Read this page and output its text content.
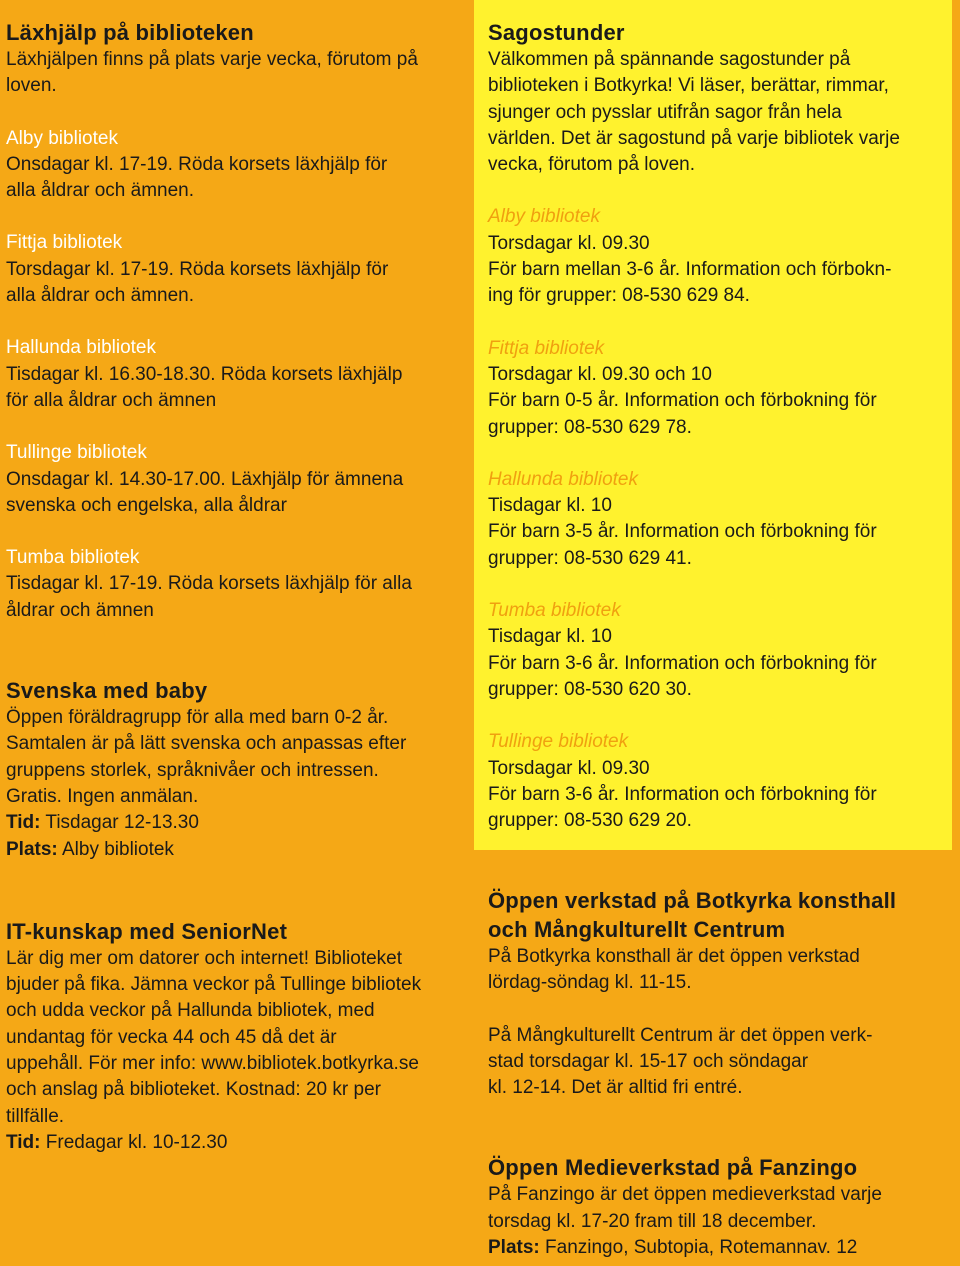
Läxhjälp på biblioteken

Läxhjälpen finns på plats varje vecka, förutom på

loven.

Alby bibliotek

Onsdagar kl. 17-19. Röda korsets läxhjälp för

alla åldrar och ämnen.

Fittja bibliotek

Torsdagar kl. 17-19. Röda korsets läxhjälp för

alla åldrar och ämnen.

Hallunda bibliotek

Tisdagar kl. 16.30-18.30. Röda korsets läxhjälp

för alla åldrar och ämnen

Tullinge bibliotek

Onsdagar kl. 14.30-17.00. Läxhjälp för ämnena

svenska och engelska, alla åldrar

Tumba bibliotek

Tisdagar kl. 17-19. Röda korsets läxhjälp för alla

åldrar och ämnen

Svenska med baby

Öppen föräldragrupp för alla med barn 0-2 år.

Samtalen är på lätt svenska och anpassas efter

gruppens storlek, språknivåer och intressen.

Gratis. Ingen anmälan.

Tid: Tisdagar 12-13.30

Plats: Alby bibliotek

IT-kunskap med SeniorNet

Lär dig mer om datorer och internet! Biblioteket

bjuder på fika. Jämna veckor på Tullinge bibliotek

och udda veckor på Hallunda bibliotek, med

undantag för vecka 44 och 45 då det är

uppehåll. För mer info: www.bibliotek.botkyrka.se

och anslag på biblioteket. Kostnad: 20 kr per

tillfälle.

Tid: Fredagar kl. 10-12.30

Sagostunder

Välkommen på spännande sagostunder på

biblioteken i Botkyrka! Vi läser, berättar, rimmar,

sjunger och pysslar utifrån sagor från hela

världen. Det är sagostund på varje bibliotek varje

vecka, förutom på loven.

Alby bibliotek

Torsdagar kl. 09.30

För barn mellan 3-6 år. Information och förbokn-

ing för grupper: 08-530 629 84.

Fittja bibliotek

Torsdagar kl. 09.30 och 10

För barn 0-5 år. Information och förbokning för

grupper: 08-530 629 78.

Hallunda bibliotek

Tisdagar kl. 10

För barn 3-5 år. Information och förbokning för

grupper: 08-530 629 41.

Tumba bibliotek

Tisdagar kl. 10

För barn 3-6 år. Information och förbokning för

grupper: 08-530 620 30.

Tullinge bibliotek

Torsdagar kl. 09.30

För barn 3-6 år. Information och förbokning för

grupper: 08-530 629 20.

Öppen verkstad på Botkyrka konsthall
och Mångkulturellt Centrum

På Botkyrka konsthall är det öppen verkstad

lördag-söndag kl. 11-15.

På Mångkulturellt Centrum är det öppen verk-

stad torsdagar kl. 15-17 och söndagar

kl. 12-14. Det är alltid fri entré.

Öppen Medieverkstad på Fanzingo

På Fanzingo är det öppen medieverkstad varje

torsdag kl. 17-20 fram till 18 december.

Plats: Fanzingo, Subtopia, Rotemannav. 12
